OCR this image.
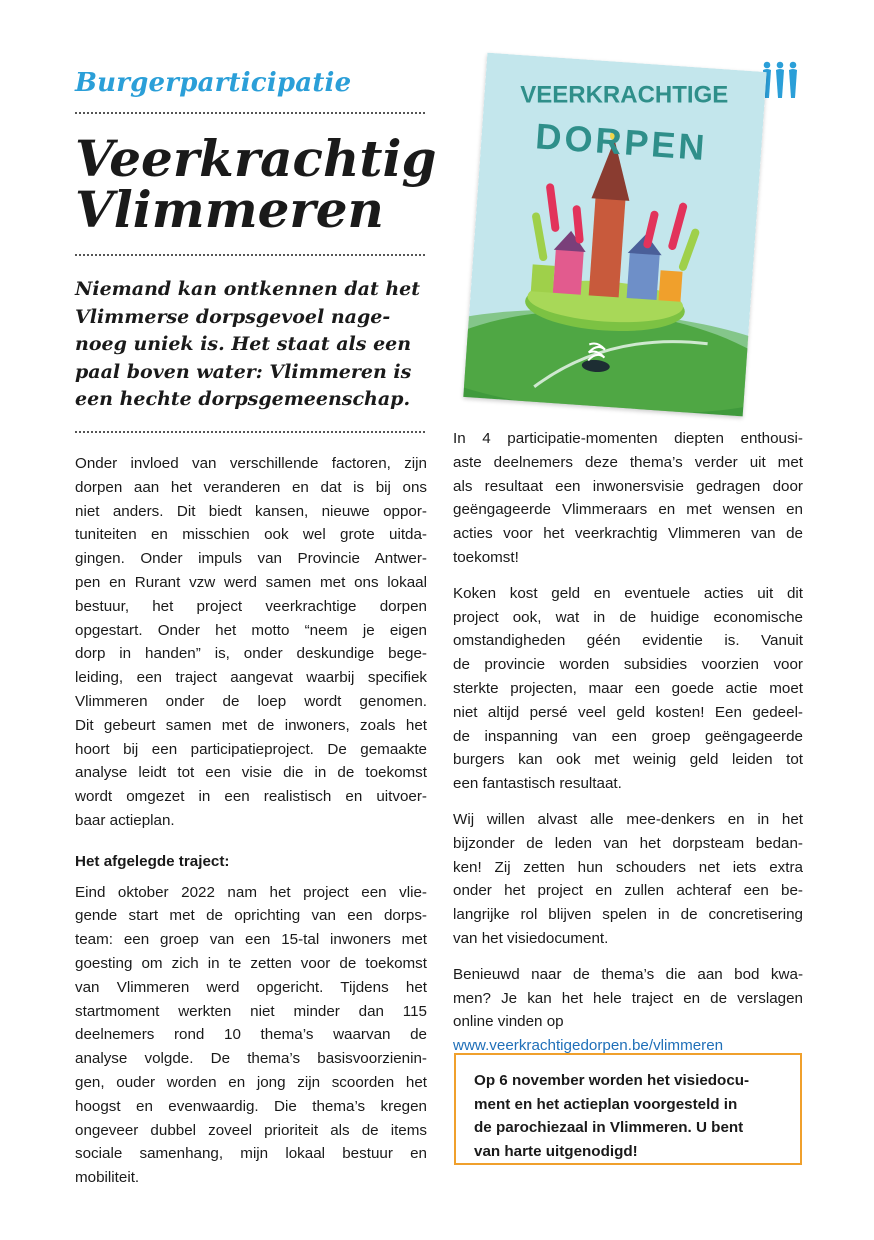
Burgerparticipatie
Veerkrachtig
Vlimmeren
Niemand kan ontkennen dat het
Vlimmerse dorpsgevoel nage-
noeg uniek is. Het staat als een
paal boven water: Vlimmeren is
een hechte dorpsgemeenschap.
Onder invloed van verschillende factoren, zijn
dorpen aan het veranderen en dat is bij ons
niet anders. Dit biedt kansen, nieuwe oppor-
tuniteiten en misschien ook wel grote uitda-
gingen. Onder impuls van Provincie Antwer-
pen en Rurant vzw werd samen met ons lokaal
bestuur, het project veerkrachtige dorpen
opgestart. Onder het motto “neem je eigen
dorp in handen” is, onder deskundige bege-
leiding, een traject aangevat waarbij specifiek
Vlimmeren onder de loep wordt genomen.
Dit gebeurt samen met de inwoners, zoals het
hoort bij een participatieproject. De gemaakte
analyse leidt tot een visie die in de toekomst
wordt omgezet in een realistisch en uitvoer-
baar actieplan.
Het afgelegde traject:
Eind oktober 2022 nam het project een vlie-
gende start met de oprichting van een dorps-
team: een groep van een 15-tal inwoners met
goesting om zich in te zetten voor de toekomst
van Vlimmeren werd opgericht. Tijdens het
startmoment werkten niet minder dan 115
deelnemers rond 10 thema’s waarvan de
analyse volgde. De thema’s basisvoorzienin-
gen, ouder worden en jong zijn scoorden het
hoogst en evenwaardig. Die thema’s kregen
ongeveer dubbel zoveel prioriteit als de items
sociale samenhang, mijn lokaal bestuur en
mobiliteit.
VEERKRACHTIGE
DORPEN
In 4 participatie-momenten diepten enthousi-
aste deelnemers deze thema’s verder uit met
als resultaat een inwonersvisie gedragen door
geëngageerde Vlimmeraars en met wensen en
acties voor het veerkrachtig Vlimmeren van de
toekomst!
Koken kost geld en eventuele acties uit dit
project ook, wat in de huidige economische
omstandigheden géén evidentie is. Vanuit
de provincie worden subsidies voorzien voor
sterkte projecten, maar een goede actie moet
niet altijd persé veel geld kosten! Een gedeel-
de inspanning van een groep geëngageerde
burgers kan ook met weinig geld leiden tot
een fantastisch resultaat.
Wij willen alvast alle mee-denkers en in het
bijzonder de leden van het dorpsteam bedan-
ken! Zij zetten hun schouders net iets extra
onder het project en zullen achteraf een be-
langrijke rol blijven spelen in de concretisering
van het visiedocument.
Benieuwd naar de thema’s die aan bod kwa-
men? Je kan het hele traject en de verslagen
online vinden op
www.veerkrachtigedorpen.be/vlimmeren
Op 6 november worden het visiedocu-
ment en het actieplan voorgesteld in
de parochiezaal in Vlimmeren. U bent
van harte uitgenodigd!
